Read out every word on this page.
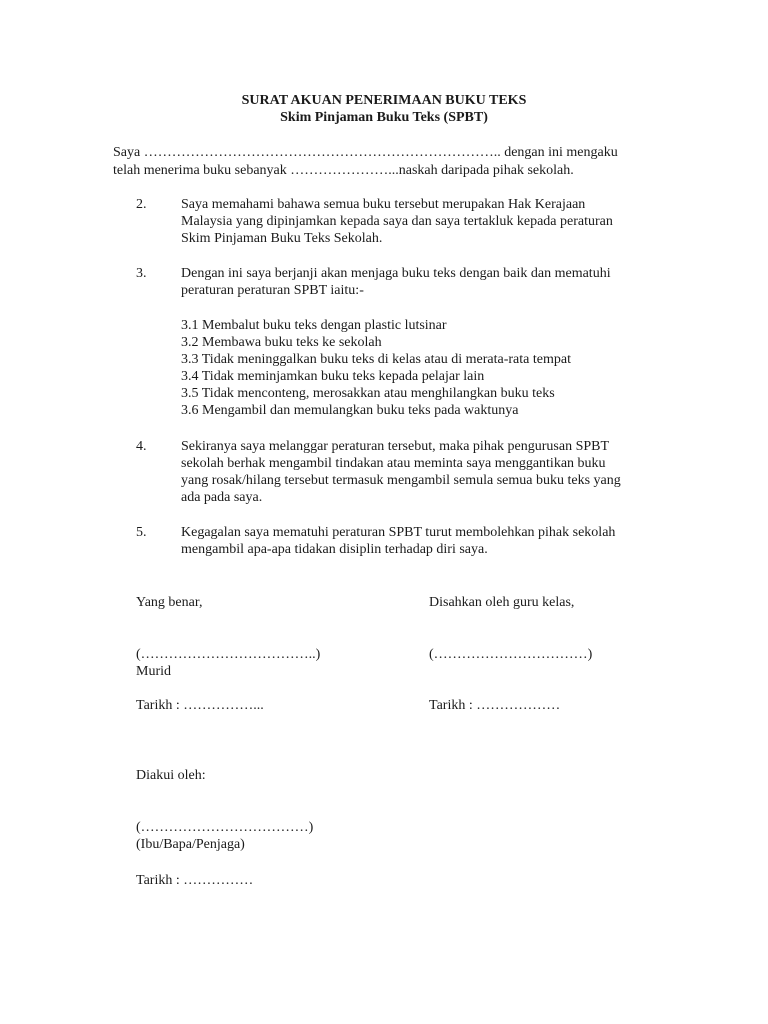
SURAT AKUAN PENERIMAAN BUKU TEKS
Skim Pinjaman Buku Teks (SPBT)
Saya ………………………………………………………………….. dengan ini mengaku
telah menerima buku sebanyak …………………...naskah daripada pihak sekolah.
2. Saya memahami bahawa semua buku tersebut merupakan Hak Kerajaan
Malaysia yang dipinjamkan kepada saya dan saya tertakluk kepada peraturan
Skim Pinjaman Buku Teks Sekolah.
3. Dengan ini saya berjanji akan menjaga buku teks dengan baik dan mematuhi
peraturan peraturan SPBT iaitu:-
3.1 Membalut buku teks dengan plastic lutsinar
3.2 Membawa buku teks ke sekolah
3.3 Tidak meninggalkan buku teks di kelas atau di merata-rata tempat
3.4 Tidak meminjamkan buku teks kepada pelajar lain
3.5 Tidak menconteng, merosakkan atau menghilangkan buku teks
3.6 Mengambil dan memulangkan buku teks pada waktunya
4. Sekiranya saya melanggar peraturan tersebut, maka pihak pengurusan SPBT
sekolah berhak mengambil tindakan atau meminta saya menggantikan buku
yang rosak/hilang tersebut termasuk mengambil semula semua buku teks yang
ada pada saya.
5. Kegagalan saya mematuhi peraturan SPBT turut membolehkan pihak sekolah
mengambil apa-apa tidakan disiplin terhadap diri saya.
Yang benar,
(………………………………..)
Murid
Tarikh : ……………...
Disahkan oleh guru kelas,
(……………………………)
Tarikh : ………………
Diakui oleh:
(………………………………)
(Ibu/Bapa/Penjaga)
Tarikh : ……………
